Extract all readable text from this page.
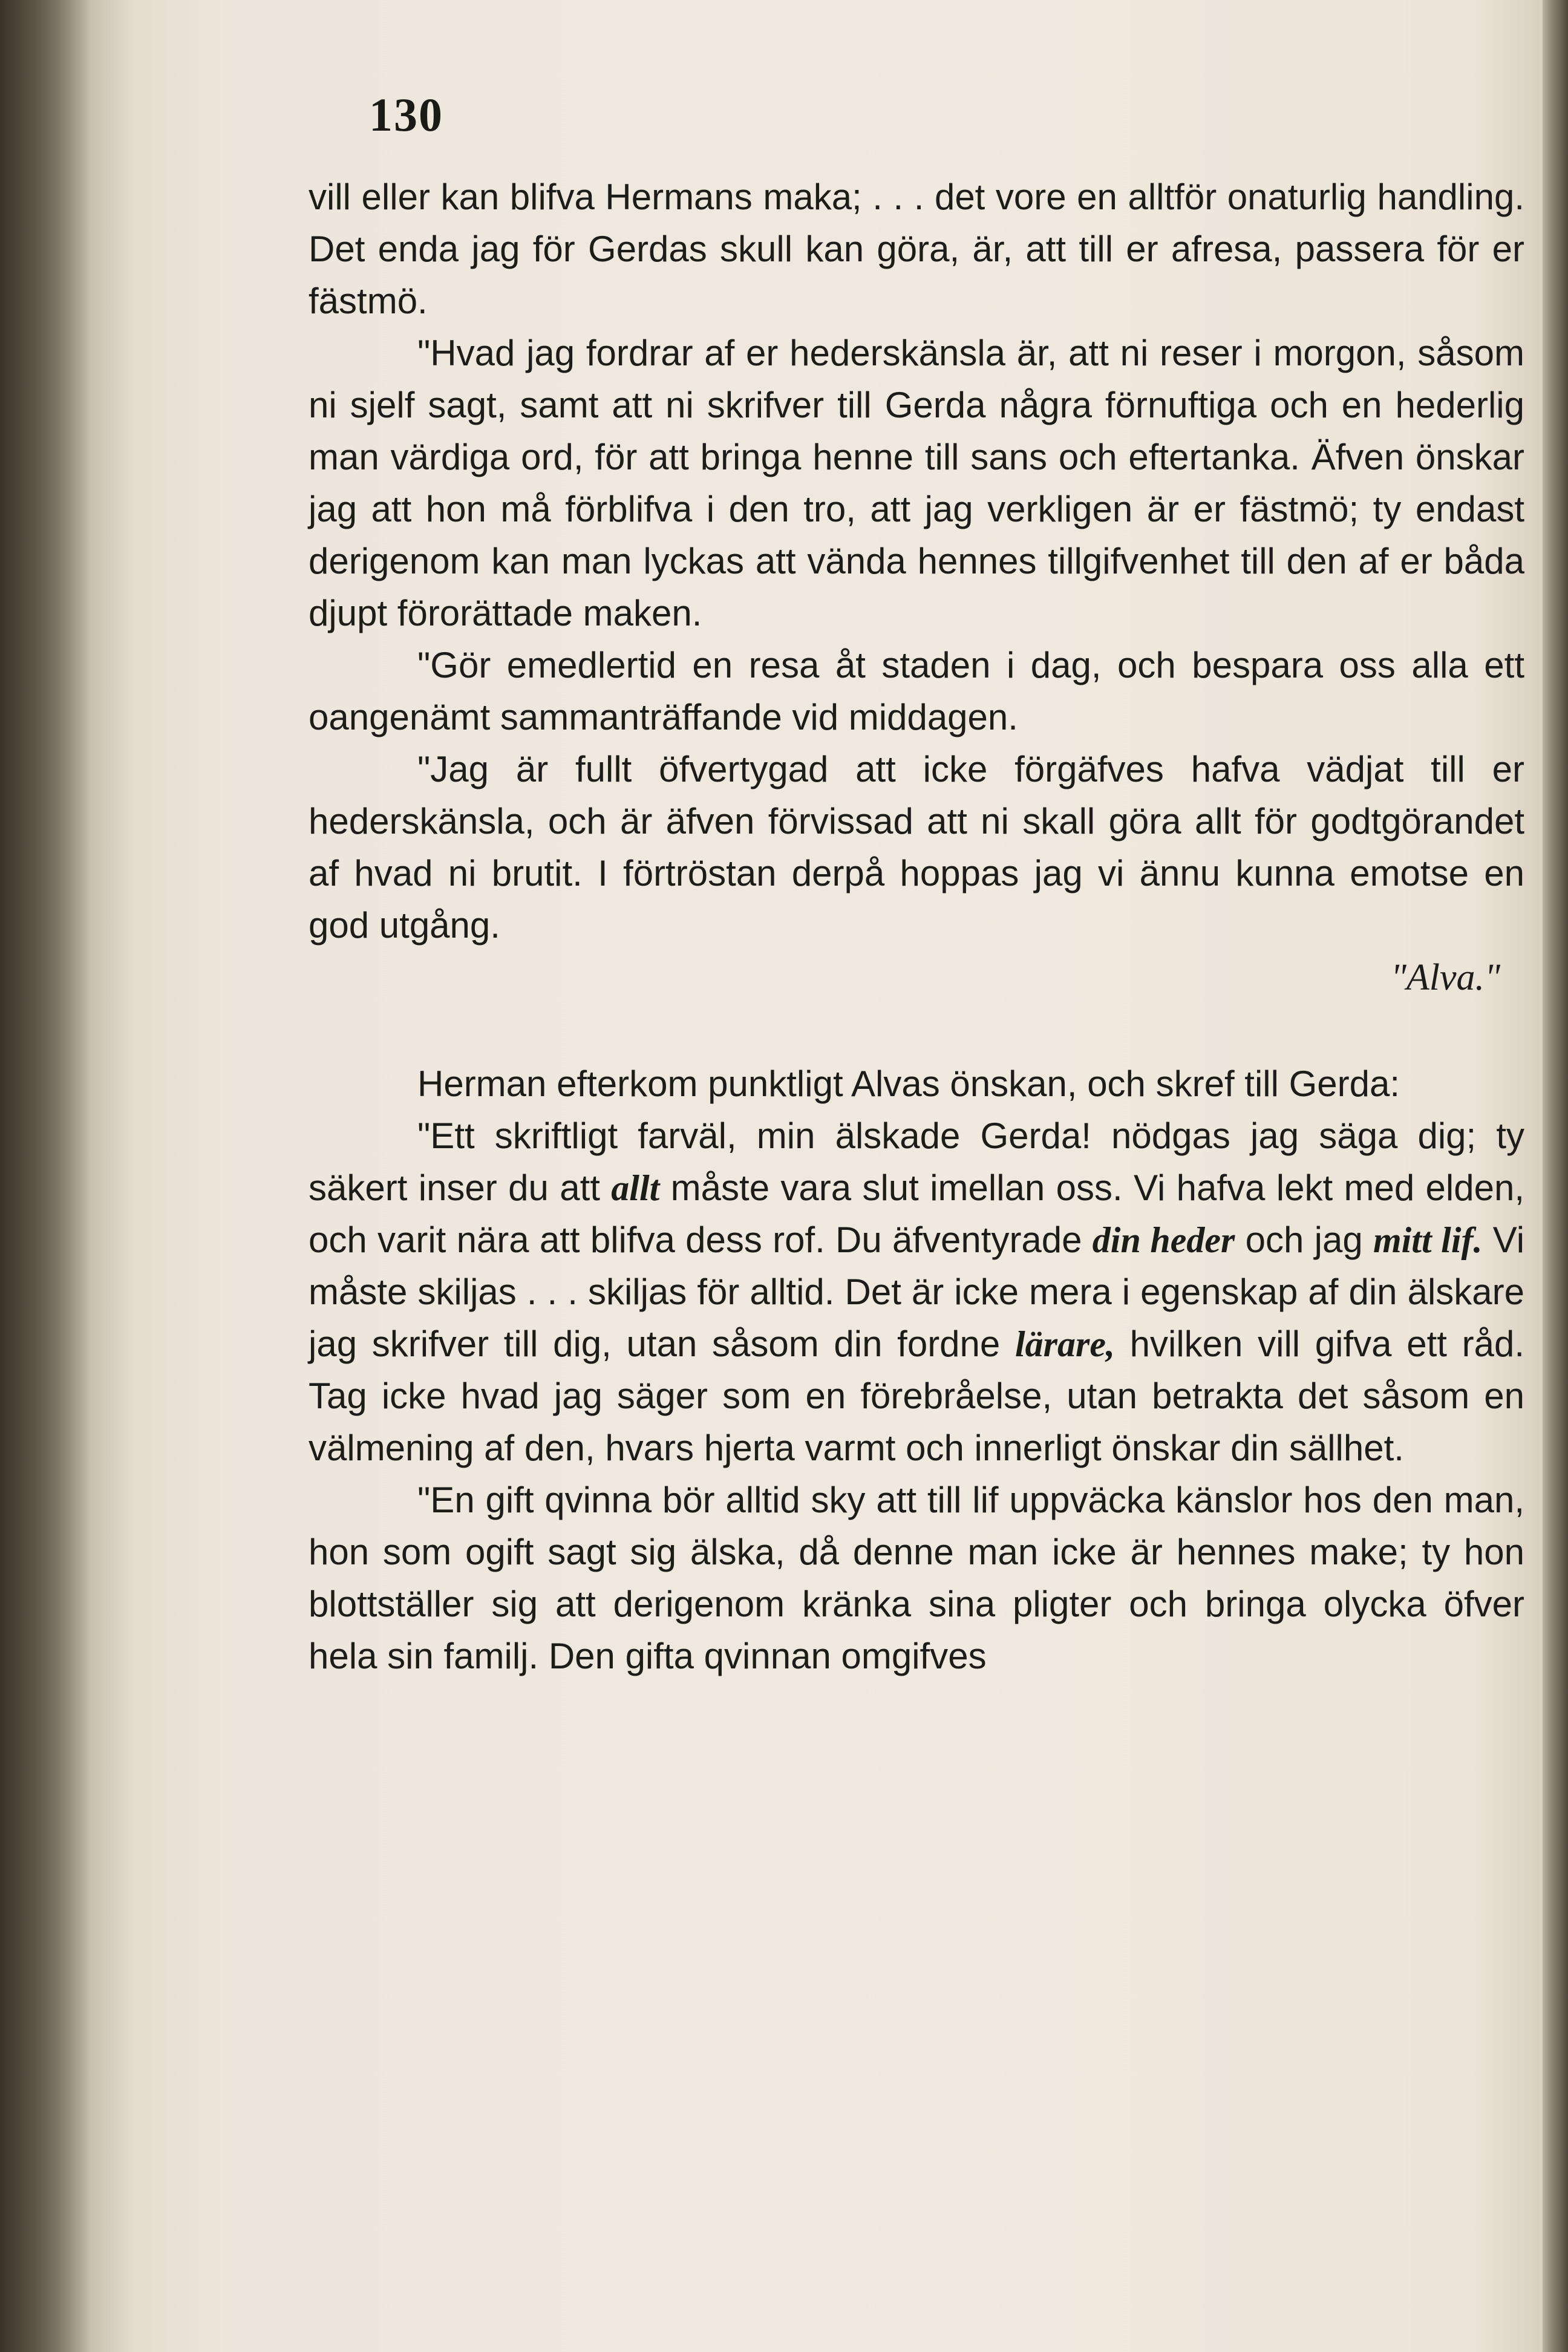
130

vill eller kan blifva Hermans maka; . . . det vore en alltför onaturlig handling. Det enda jag för Gerdas skull kan göra, är, att till er afresa, passera för er fästmö.

"Hvad jag fordrar af er hederskänsla är, att ni reser i morgon, såsom ni sjelf sagt, samt att ni skrifver till Gerda några förnuftiga och en hederlig man värdiga ord, för att bringa henne till sans och eftertanka. Äfven önskar jag att hon må förblifva i den tro, att jag verkligen är er fästmö; ty endast derigenom kan man lyckas att vända hennes tillgifvenhet till den af er båda djupt förorättade maken.

"Gör emedlertid en resa åt staden i dag, och bespara oss alla ett oangenämt sammanträffande vid middagen.

"Jag är fullt öfvertygad att icke förgäfves hafva vädjat till er hederskänsla, och är äfven förvissad att ni skall göra allt för godtgörandet af hvad ni brutit. I förtröstan derpå hoppas jag vi ännu kunna emotse en god utgång.

"Alva."

Herman efterkom punktligt Alvas önskan, och skref till Gerda:

"Ett skriftligt farväl, min älskade Gerda! nödgas jag säga dig; ty säkert inser du att allt måste vara slut imellan oss. Vi hafva lekt med elden, och varit nära att blifva dess rof. Du äfventyrade din heder och jag mitt lif. Vi måste skiljas . . . skiljas för alltid. Det är icke mera i egenskap af din älskare jag skrifver till dig, utan såsom din fordne lärare, hvilken vill gifva ett råd. Tag icke hvad jag säger som en förebråelse, utan betrakta det såsom en välmening af den, hvars hjerta varmt och innerligt önskar din sällhet.

"En gift qvinna bör alltid sky att till lif uppväcka känslor hos den man, hon som ogift sagt sig älska, då denne man icke är hennes make; ty hon blottställer sig att derigenom kränka sina pligter och bringa olycka öfver hela sin familj. Den gifta qvinnan omgifves
